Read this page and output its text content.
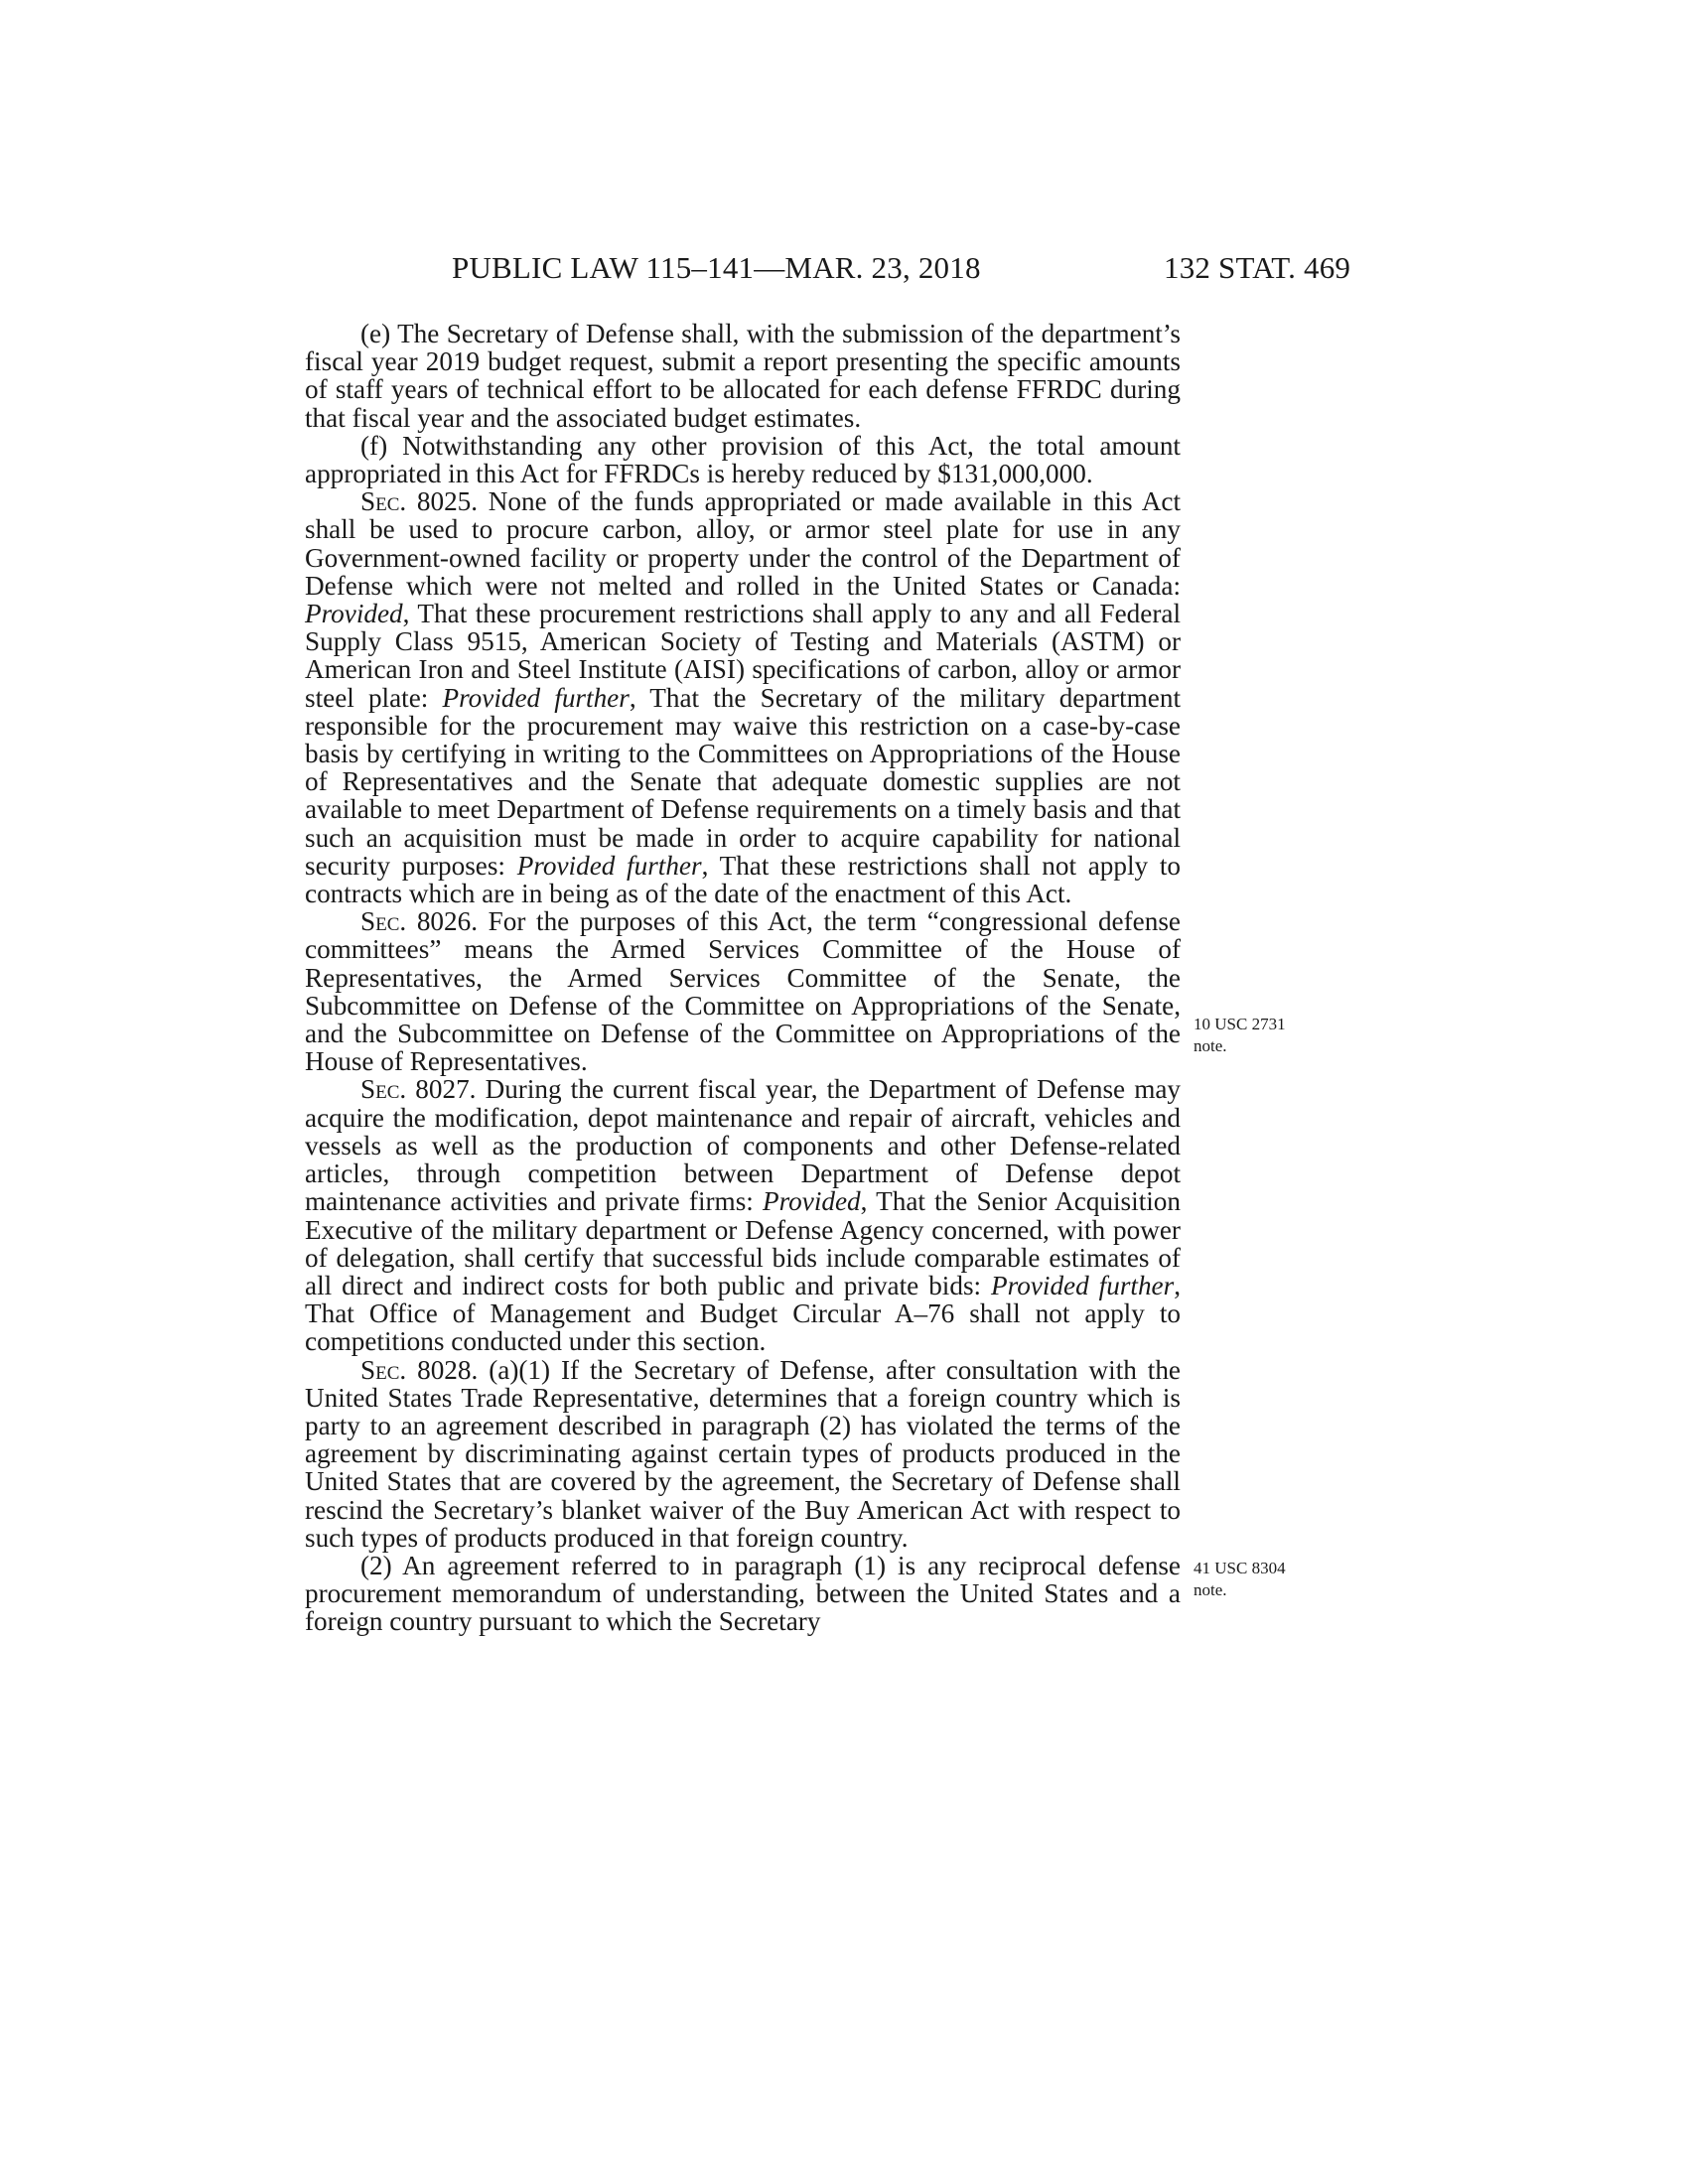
PUBLIC LAW 115–141—MAR. 23, 2018	132 STAT. 469

(e) The Secretary of Defense shall, with the submission of the department’s fiscal year 2019 budget request, submit a report presenting the specific amounts of staff years of technical effort to be allocated for each defense FFRDC during that fiscal year and the associated budget estimates.

(f) Notwithstanding any other provision of this Act, the total amount appropriated in this Act for FFRDCs is hereby reduced by $131,000,000.

Sec. 8025. None of the funds appropriated or made available in this Act shall be used to procure carbon, alloy, or armor steel plate for use in any Government-owned facility or property under the control of the Department of Defense which were not melted and rolled in the United States or Canada: Provided, That these procurement restrictions shall apply to any and all Federal Supply Class 9515, American Society of Testing and Materials (ASTM) or American Iron and Steel Institute (AISI) specifications of carbon, alloy or armor steel plate: Provided further, That the Secretary of the military department responsible for the procurement may waive this restriction on a case-by-case basis by certifying in writing to the Committees on Appropriations of the House of Representatives and the Senate that adequate domestic supplies are not available to meet Department of Defense requirements on a timely basis and that such an acquisition must be made in order to acquire capability for national security purposes: Provided further, That these restrictions shall not apply to contracts which are in being as of the date of the enactment of this Act.

Sec. 8026. For the purposes of this Act, the term “congressional defense committees” means the Armed Services Committee of the House of Representatives, the Armed Services Committee of the Senate, the Subcommittee on Defense of the Committee on Appropriations of the Senate, and the Subcommittee on Defense of the Committee on Appropriations of the House of Representatives.

Sec. 8027. During the current fiscal year, the Department of Defense may acquire the modification, depot maintenance and repair of aircraft, vehicles and vessels as well as the production of components and other Defense-related articles, through competition between Department of Defense depot maintenance activities and private firms: Provided, That the Senior Acquisition Executive of the military department or Defense Agency concerned, with power of delegation, shall certify that successful bids include comparable estimates of all direct and indirect costs for both public and private bids: Provided further, That Office of Management and Budget Circular A–76 shall not apply to competitions conducted under this section.

Sec. 8028. (a)(1) If the Secretary of Defense, after consultation with the United States Trade Representative, determines that a foreign country which is party to an agreement described in paragraph (2) has violated the terms of the agreement by discriminating against certain types of products produced in the United States that are covered by the agreement, the Secretary of Defense shall rescind the Secretary’s blanket waiver of the Buy American Act with respect to such types of products produced in that foreign country.

(2) An agreement referred to in paragraph (1) is any reciprocal defense procurement memorandum of understanding, between the United States and a foreign country pursuant to which the Secretary

10 USC 2731
note.
41 USC 8304
note.
